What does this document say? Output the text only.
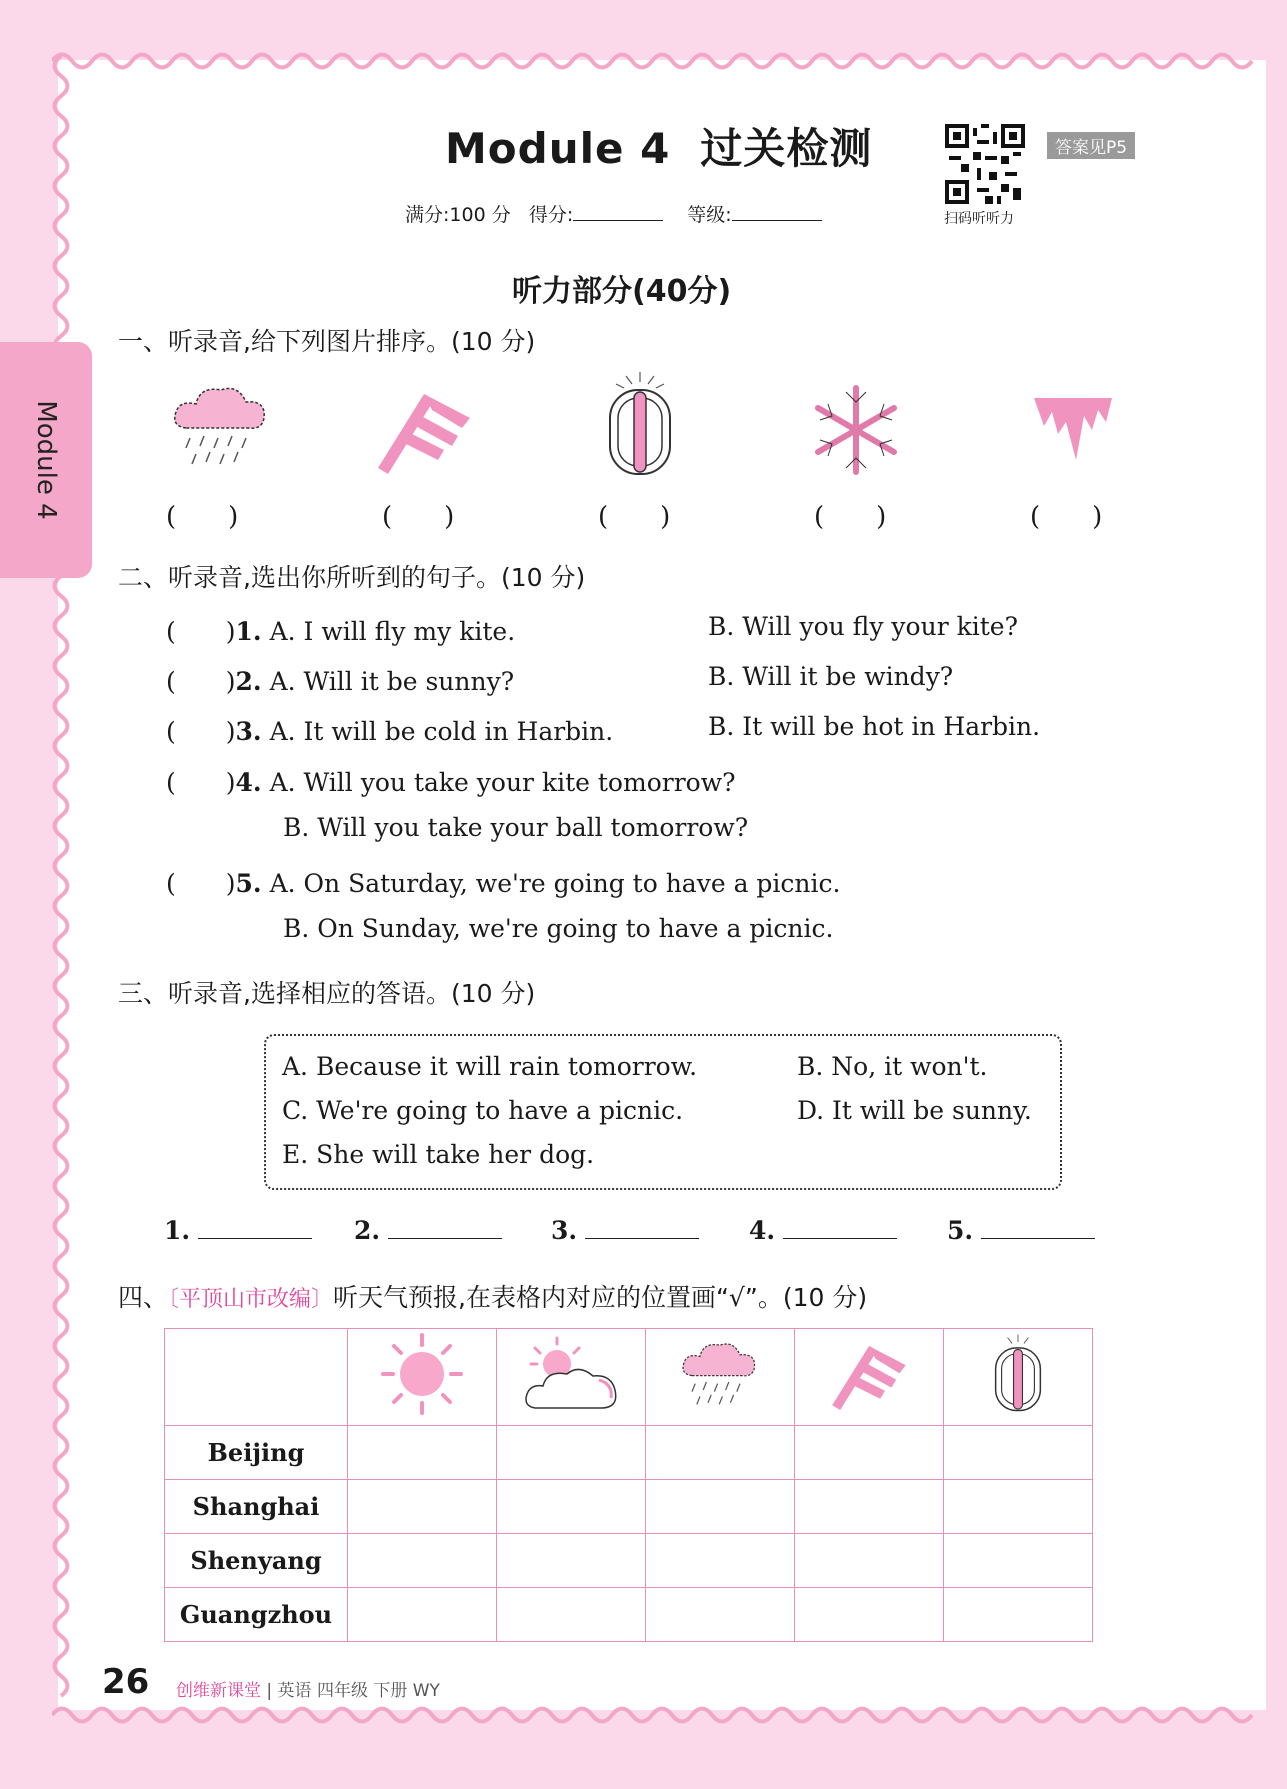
Module 4
Module 4 过关检测
扫码听听力
答案见P5
满分:100 分 得分:	等级:
听力部分(40分)
一、听录音,给下列图片排序。(10 分)
(　　)	(　　)	(　　)	(　　)	(　　)
二、听录音,选出你所听到的句子。(10 分)
(　　)1. A. I will fly my kite.	B. Will you fly your kite?
(　　)2. A. Will it be sunny?	B. Will it be windy?
(　　)3. A. It will be cold in Harbin.	B. It will be hot in Harbin.
(　　)4. A. Will you take your kite tomorrow?
B. Will you take your ball tomorrow?
(　　)5. A. On Saturday, we're going to have a picnic.
B. On Sunday, we're going to have a picnic.
三、听录音,选择相应的答语。(10 分)
A. Because it will rain tomorrow.	B. No, it won't.
C. We're going to have a picnic.	D. It will be sunny.
E. She will take her dog.
1.	2.	3.	4.	5.
四、〔平顶山市改编〕听天气预报,在表格内对应的位置画“√”。(10 分)

Beijing					
Shanghai					
Shenyang					
Guangzhou					
26 创维新课堂 | 英语 四年级 下册 WY
